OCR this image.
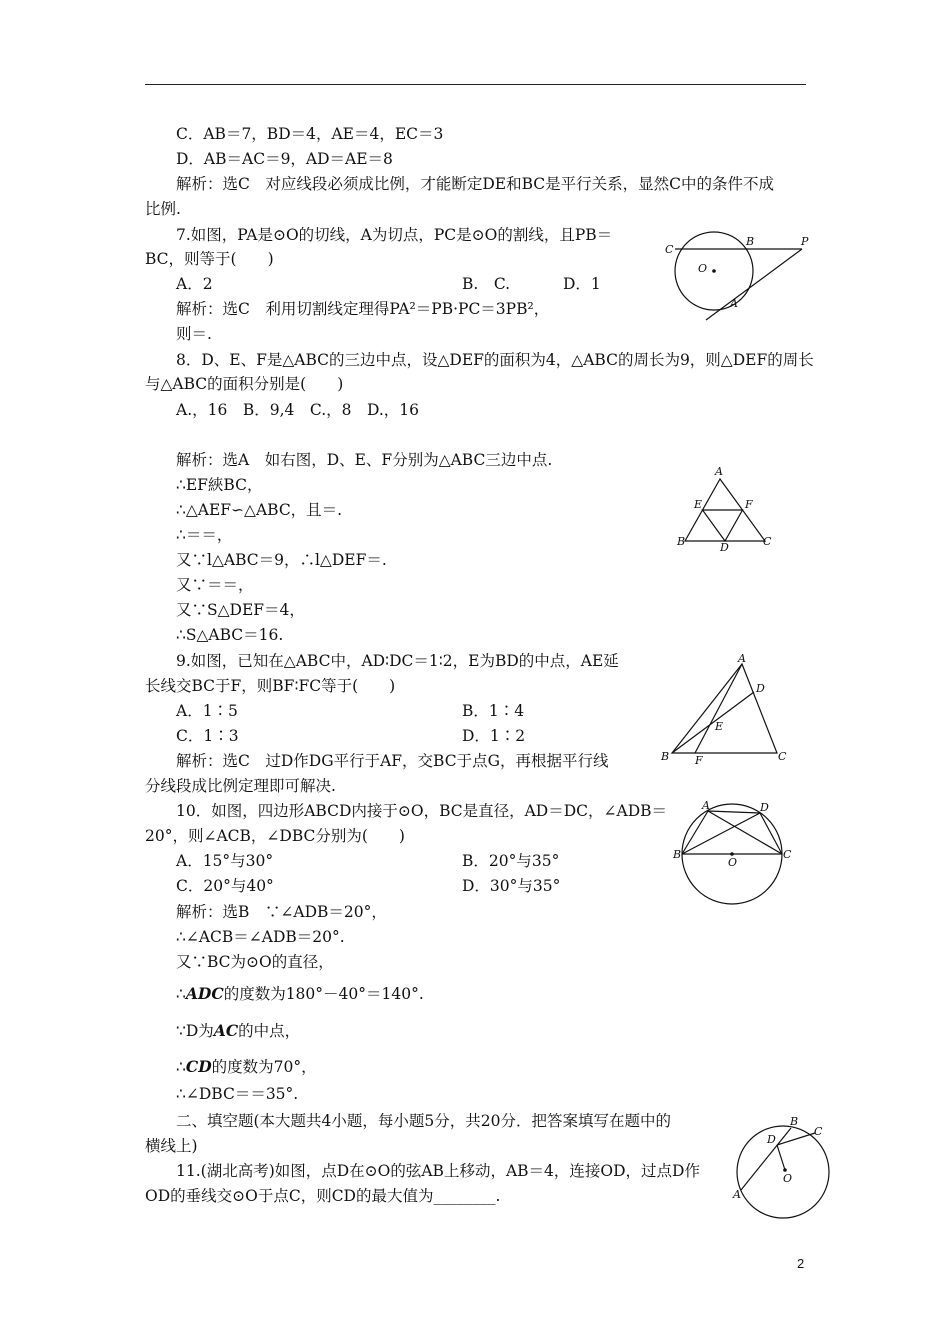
C．AB＝7，BD＝4，AE＝4，EC＝3
D．AB＝AC＝9，AD＝AE＝8
解析：选C　对应线段必须成比例，才能断定DE和BC是平行关系，显然C中的条件不成
比例.
7.如图，PA是⊙O的切线，A为切点，PC是⊙O的割线，且PB＝
BC，则等于(　　)
A．2	B.　C.	D．1
解析：选C　利用切割线定理得PA²＝PB·PC＝3PB²，
则＝.
8．D、E、F是△ABC的三边中点，设△DEF的面积为4，△ABC的周长为9，则△DEF的周长
与△ABC的面积分别是(　　)
A.，16　B．9,4　C.，8　D.，16
解析：选A　如右图，D、E、F分别为△ABC三边中点.
∴EF綊BC，
∴△AEF∽△ABC，且＝.
∴＝＝，
又∵l△ABC＝9，∴l△DEF＝.
又∵＝＝，
又∵S△DEF＝4，
∴S△ABC＝16.
9.如图，已知在△ABC中，AD∶DC＝1∶2，E为BD的中点，AE延
长线交BC于F，则BF∶FC等于(　　)
A．1∶5	B．1∶4
C．1∶3	D．1∶2
解析：选C　过D作DG平行于AF，交BC于点G，再根据平行线
分线段成比例定理即可解决.
10．如图，四边形ABCD内接于⊙O，BC是直径，AD＝DC，∠ADB＝
20°，则∠ACB，∠DBC分别为(　　)
A．15°与30°	B．20°与35°
C．20°与40°	D．30°与35°
解析：选B　∵∠ADB＝20°，
∴∠ACB＝∠ADB＝20°.
又∵BC为⊙O的直径，
∴ADC的度数为180°－40°＝140°.
∵D为AC的中点，
∴CD的度数为70°，
∴∠DBC＝＝35°.
二、填空题(本大题共4小题，每小题5分，共20分．把答案填写在题中的
横线上)
11.(湖北高考)如图，点D在⊙O的弦AB上移动，AB＝4，连接OD，过点D作
OD的垂线交⊙O于点C，则CD的最大值为________.
C
B	P
O
A
A
E	F
B	D	C
A
D
E
B F	C
A	D
B
O
C
B
C
D
O
A
2
